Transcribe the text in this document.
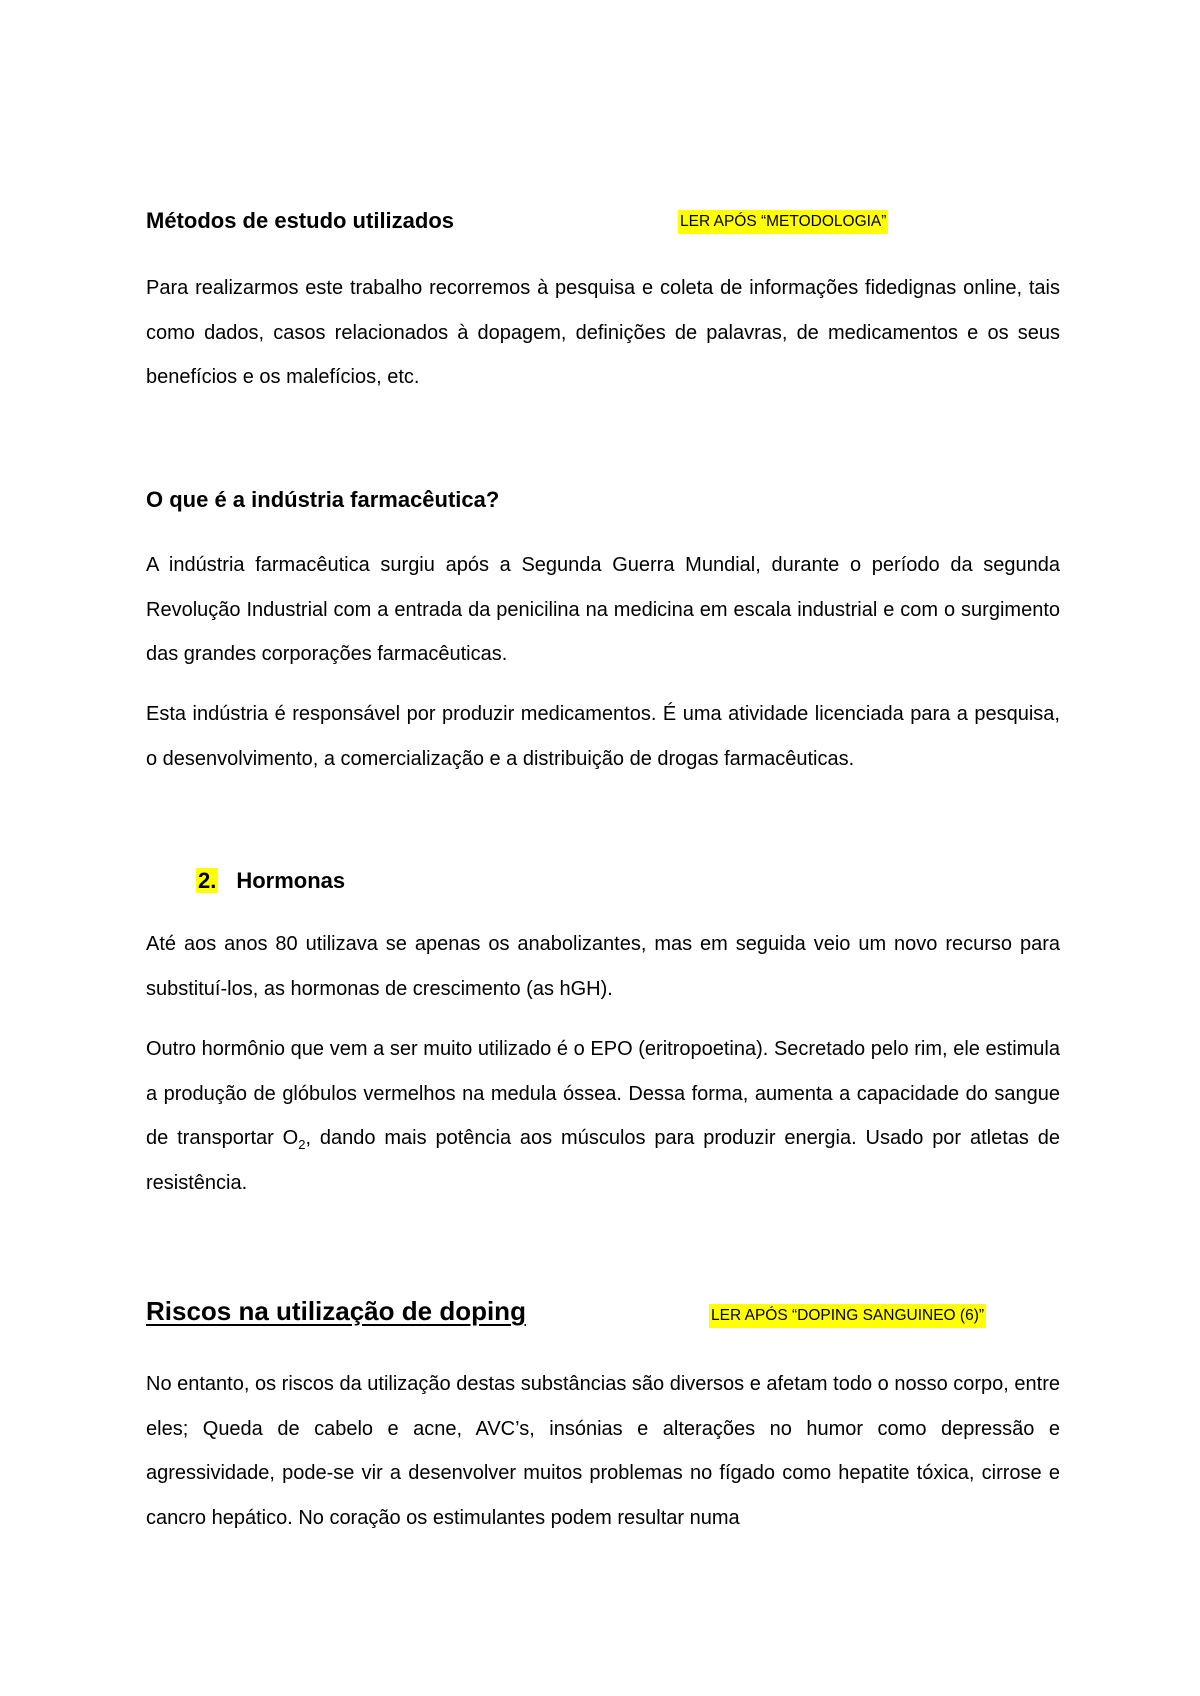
Métodos de estudo utilizados	LER APÓS “METODOLOGIA”

Para realizarmos este trabalho recorremos à pesquisa e coleta de informações fidedignas online, tais como dados, casos relacionados à dopagem, definições de palavras, de medicamentos e os seus benefícios e os malefícios, etc.

O que é a indústria farmacêutica?

A indústria farmacêutica surgiu após a Segunda Guerra Mundial, durante o período da segunda Revolução Industrial com a entrada da penicilina na medicina em escala industrial e com o surgimento das grandes corporações farmacêuticas.

Esta indústria é responsável por produzir medicamentos. É uma atividade licenciada para a pesquisa, o desenvolvimento, a comercialização e a distribuição de drogas farmacêuticas.

2. Hormonas

Até aos anos 80 utilizava se apenas os anabolizantes, mas em seguida veio um novo recurso para substituí-los, as hormonas de crescimento (as hGH).

Outro hormônio que vem a ser muito utilizado é o EPO (eritropoetina). Secretado pelo rim, ele estimula a produção de glóbulos vermelhos na medula óssea. Dessa forma, aumenta a capacidade do sangue de transportar $O_2$, dando mais potência aos músculos para produzir energia. Usado por atletas de resistência.

Riscos na utilização de doping	LER APÓS “DOPING SANGUINEO (6)”

No entanto, os riscos da utilização destas substâncias são diversos e afetam todo o nosso corpo, entre eles; Queda de cabelo e acne, AVC’s, insónias e alterações no humor como depressão e agressividade, pode-se vir a desenvolver muitos problemas no fígado como hepatite tóxica, cirrose e cancro hepático. No coração os estimulantes podem resultar numa
